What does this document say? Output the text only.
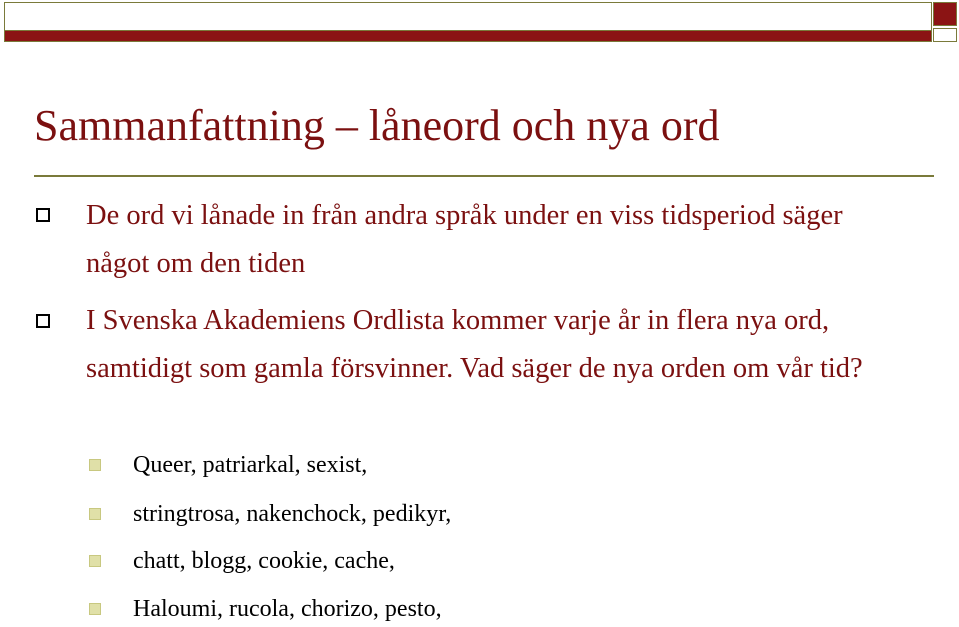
Sammanfattning – låneord och nya ord
De ord vi lånade in från andra språk under en viss tidsperiod säger något om den tiden
I Svenska Akademiens Ordlista kommer varje år in flera nya ord, samtidigt som gamla försvinner. Vad säger de nya orden om vår tid?
Queer, patriarkal, sexist,
stringtrosa, nakenchock, pedikyr,
chatt, blogg, cookie, cache,
Haloumi, rucola, chorizo, pesto,
